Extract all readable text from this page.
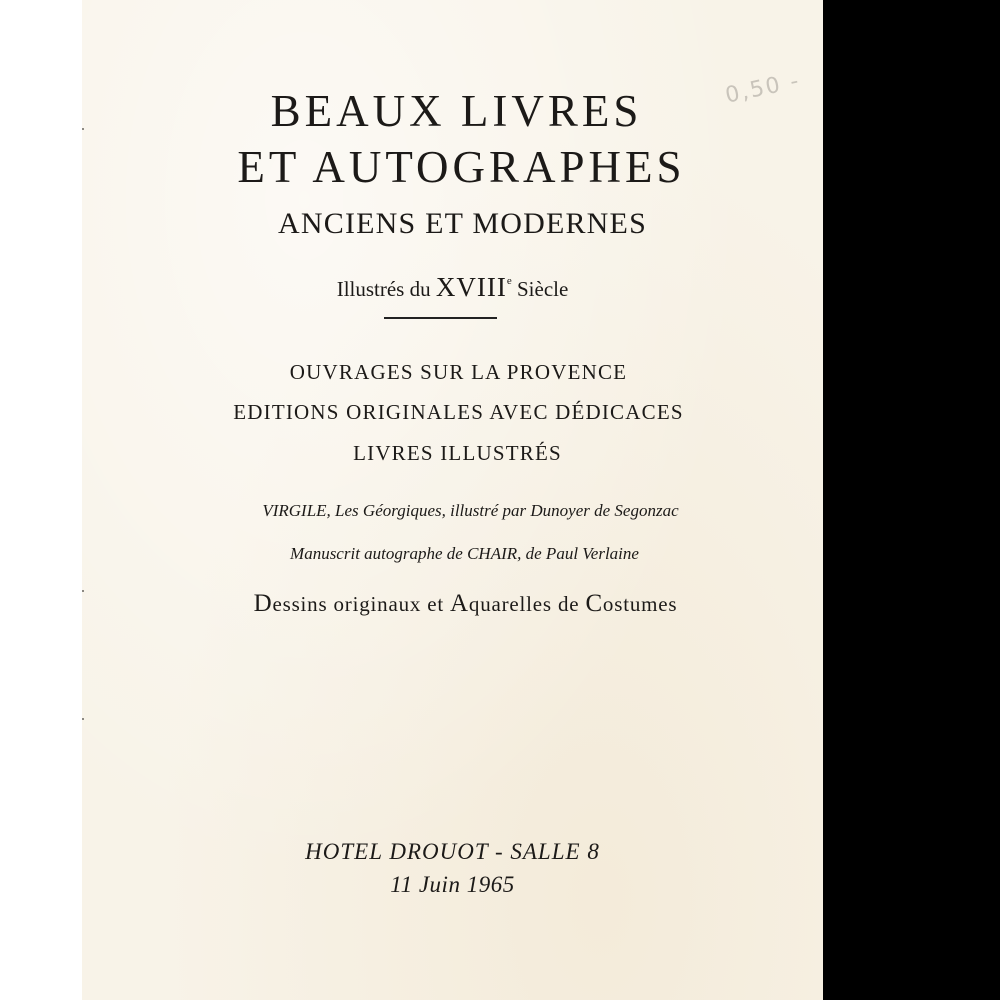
0,50 -
BEAUX LIVRES
ET AUTOGRAPHES
ANCIENS ET MODERNES
Illustrés du XVIIIe Siècle
OUVRAGES SUR LA PROVENCE
EDITIONS ORIGINALES AVEC DÉDICACES
LIVRES ILLUSTRÉS
VIRGILE, Les Géorgiques, illustré par Dunoyer de Segonzac
Manuscrit autographe de CHAIR, de Paul Verlaine
Dessins originaux et Aquarelles de Costumes
HOTEL DROUOT - SALLE 8
11 Juin 1965
